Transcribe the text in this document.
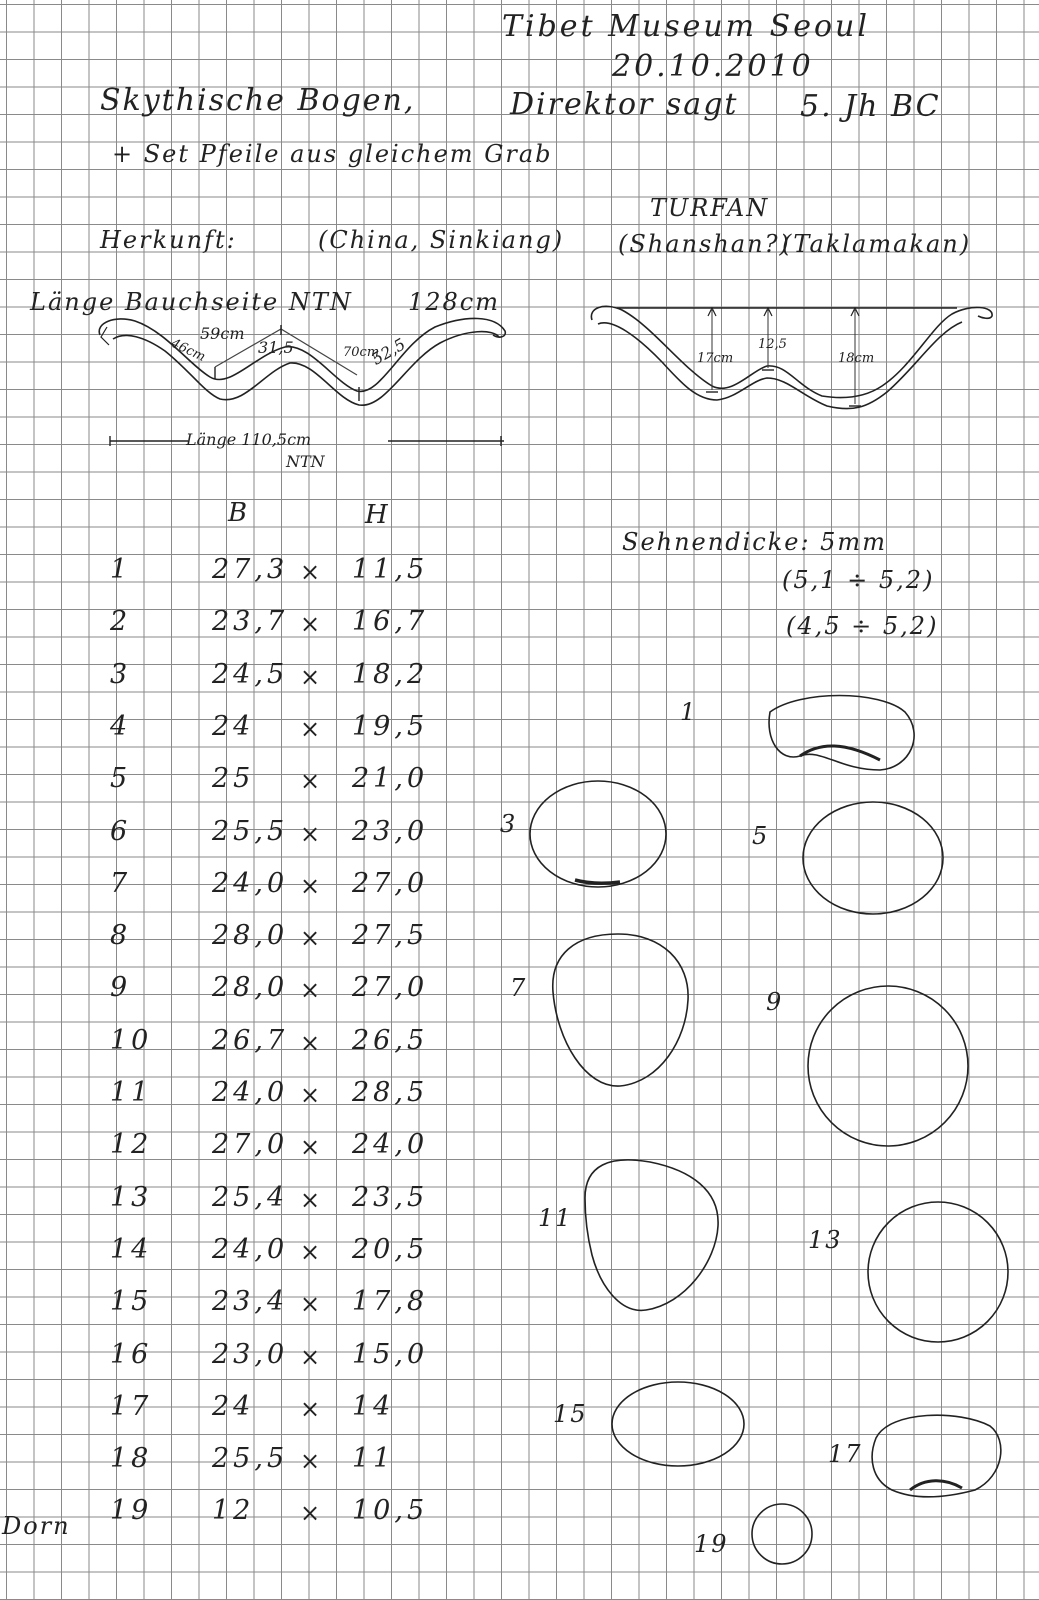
Tibet Museum Seoul
20.10.2010
Skythische Bogen,	Direktor sagt 5. Jh BC
+ Set Pfeile aus gleichem Grab
Herkunft:	(China, Sinkiang)
TURFAN
(Shanshan?)
(Taklamakan)
Länge Bauchseite NTN 128cm
59cm
46cm	31,5	70cm
52,5	17cm
12,5
18cm
Länge 110,5cm
NTN
B	H
1	27,3 × 11,5
2	23,7 × 16,7
3	24,5 × 18,2
4	24 × 19,5
5	25 × 21,0
6	25,5 × 23,0
7	24,0 × 27,0
8	28,0 × 27,5
9	28,0 × 27,0
10 26,7 × 26,5
11 24,0 × 28,5
12 27,0 × 24,0
13 25,4 × 23,5
14 24,0 × 20,5
15 23,4 × 17,8
16 23,0 × 15,0
17 24 × 14
18 25,5 × 11
19 12 × 10,5
Dorn
Sehnendicke: 5mm
(5,1 ÷ 5,2)
(4,5 ÷ 5,2)
1
3	5
7	9
11
13
15
17
19
